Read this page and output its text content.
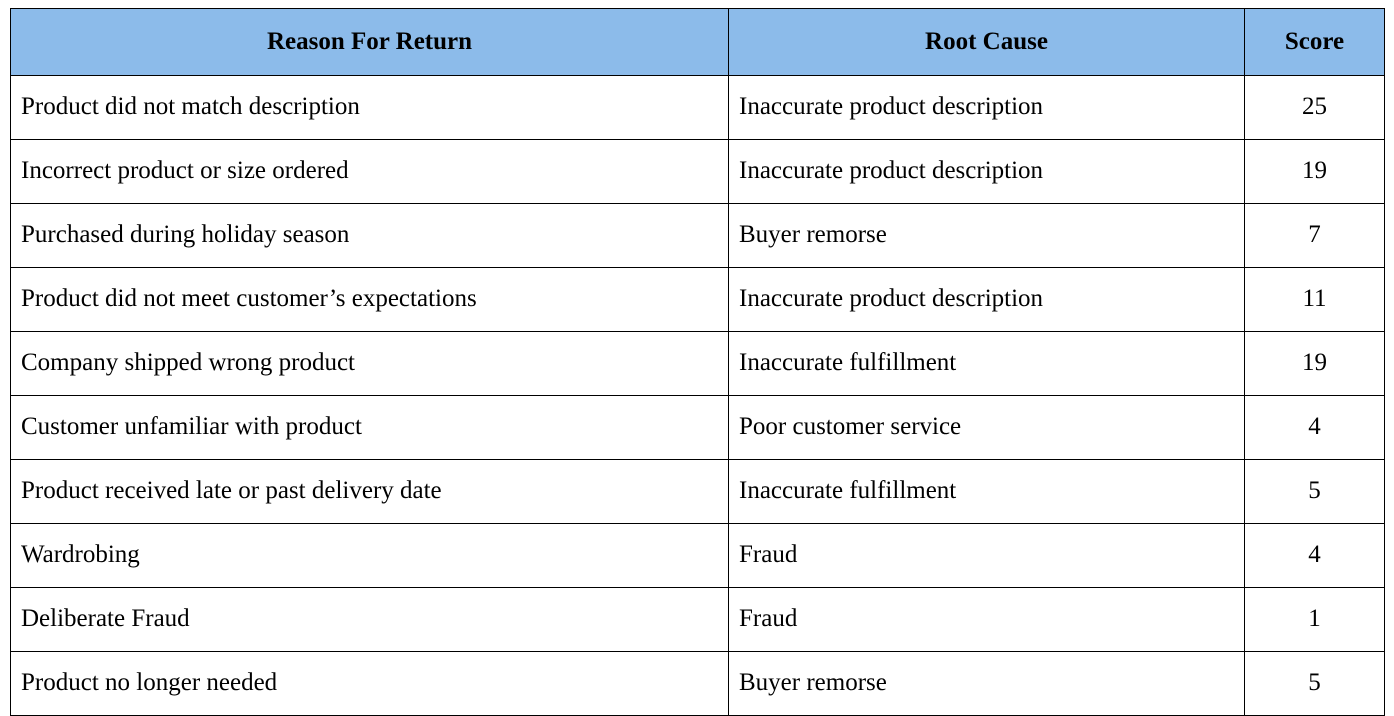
Reason For Return	Root Cause	Score
Product did not match description	Inaccurate product description	25
Incorrect product or size ordered	Inaccurate product description	19
Purchased during holiday season	Buyer remorse	7
Product did not meet customer’s expectations	Inaccurate product description	11
Company shipped wrong product	Inaccurate fulfillment	19
Customer unfamiliar with product	Poor customer service	4
Product received late or past delivery date	Inaccurate fulfillment	5
Wardrobing	Fraud	4
Deliberate Fraud	Fraud	1
Product no longer needed	Buyer remorse	5
